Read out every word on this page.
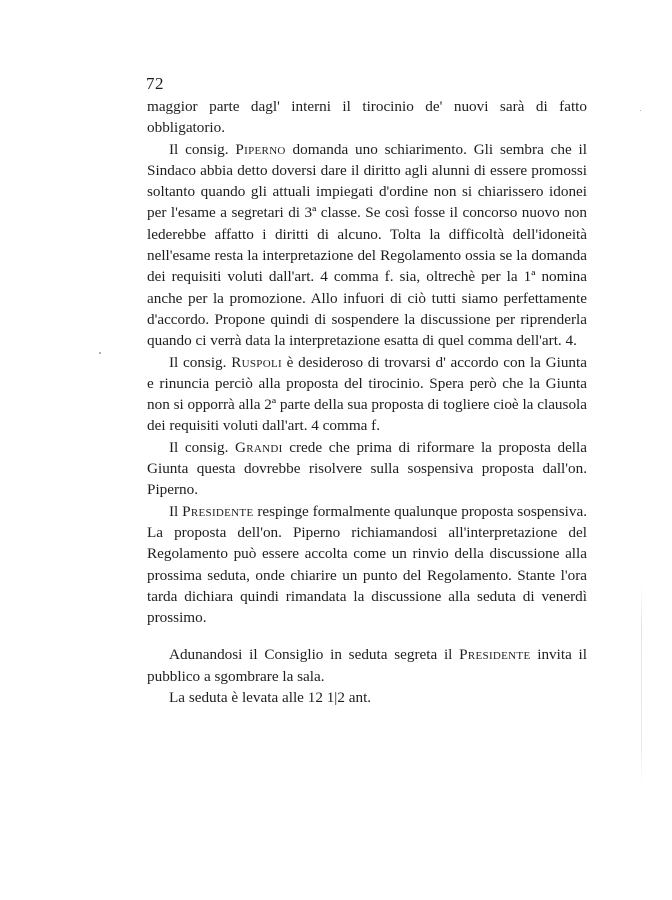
72

maggior parte dagl' interni il tirocinio de' nuovi sarà di fatto obbligatorio.

Il consig. Piperno domanda uno schiarimento. Gli sembra che il Sindaco abbia detto doversi dare il diritto agli alunni di essere promossi soltanto quando gli attuali impiegati d'ordine non si chiarissero idonei per l'esame a segretari di 3ª classe. Se così fosse il concorso nuovo non lederebbe affatto i diritti di alcuno. Tolta la difficoltà dell'idoneità nell'esame resta la interpretazione del Regolamento ossia se la domanda dei requisiti voluti dall'art. 4 comma f. sia, oltrechè per la 1ª nomina anche per la promozione. Allo infuori di ciò tutti siamo perfettamente d'accordo. Propone quindi di sospendere la discussione per riprenderla quando ci verrà data la interpretazione esatta di quel comma dell'art. 4.

Il consig. Ruspoli è desideroso di trovarsi d' accordo con la Giunta e rinuncia perciò alla proposta del tirocinio. Spera però che la Giunta non si opporrà alla 2ª parte della sua proposta di togliere cioè la clausola dei requisiti voluti dall'art. 4 comma f.

Il consig. Grandi crede che prima di riformare la proposta della Giunta questa dovrebbe risolvere sulla sospensiva proposta dall'on. Piperno.

Il Presidente respinge formalmente qualunque proposta sospensiva. La proposta dell'on. Piperno richiamandosi all'interpretazione del Regolamento può essere accolta come un rinvio della discussione alla prossima seduta, onde chiarire un punto del Regolamento. Stante l'ora tarda dichiara quindi rimandata la discussione alla seduta di venerdì prossimo.

Adunandosi il Consiglio in seduta segreta il Presidente invita il pubblico a sgombrare la sala.

La seduta è levata alle 12 1|2 ant.
